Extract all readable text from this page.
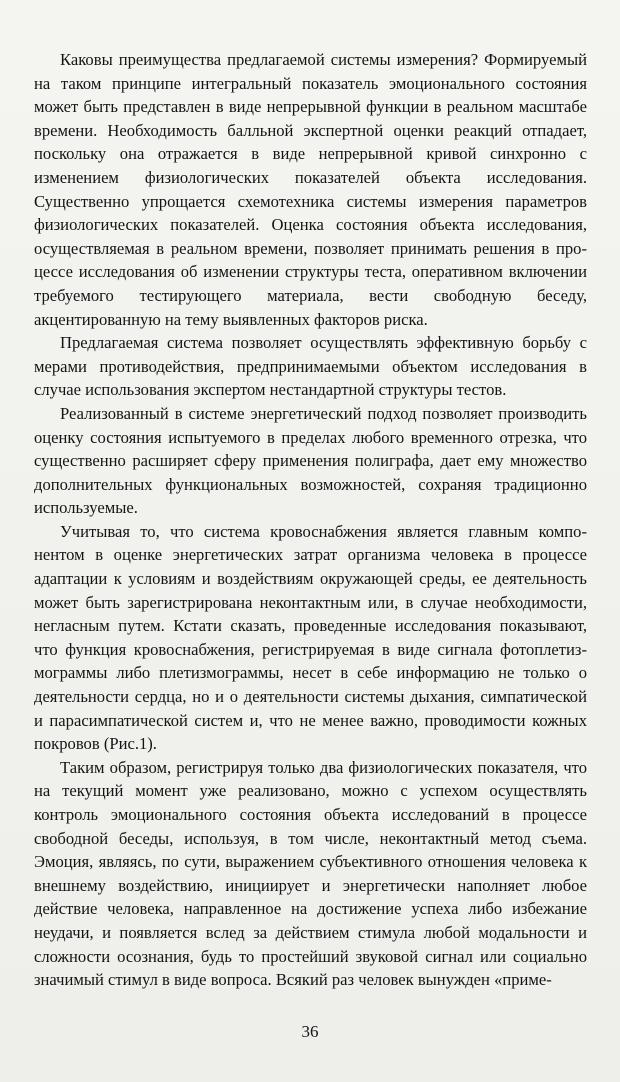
Каковы преимущества предлагаемой системы измерения? Формируемый на таком принципе интегральный показатель эмоционального состояния может быть представлен в виде непрерывной функции в реальном масштабе времени. Необходимость балльной экспертной оценки реакций отпадает, поскольку она отражается в виде непрерывной кривой синхронно с изменением физиологических показателей объекта исследования. Существенно упрощается схемотехника системы измерения параметров физиологических показателей. Оценка состояния объекта исследования, осуществляемая в реальном времени, позволяет принимать решения в процессе исследования об изменении структуры теста, оперативном включении требуемого тестирующего материала, вести свободную беседу, акцентированную на тему выявленных факторов риска.

Предлагаемая система позволяет осуществлять эффективную борьбу с мерами противодействия, предпринимаемыми объектом исследования в случае использования экспертом нестандартной структуры тестов.

Реализованный в системе энергетический подход позволяет производить оценку состояния испытуемого в пределах любого временного отрезка, что существенно расширяет сферу применения полиграфа, дает ему множество дополнительных функциональных возможностей, сохраняя традиционно используемые.

Учитывая то, что система кровоснабжения является главным компонентом в оценке энергетических затрат организма человека в процессе адаптации к условиям и воздействиям окружающей среды, ее деятельность может быть зарегистрирована неконтактным или, в случае необходимости, негласным путем. Кстати сказать, проведенные исследования показывают, что функция кровоснабжения, регистрируемая в виде сигнала фотоплетизмограммы либо плетизмограммы, несет в себе информацию не только о деятельности сердца, но и о деятельности системы дыхания, симпатической и парасимпатической систем и, что не менее важно, проводимости кожных покровов (Рис.1).

Таким образом, регистрируя только два физиологических показателя, что на текущий момент уже реализовано, можно с успехом осуществлять контроль эмоционального состояния объекта исследований в процессе свободной беседы, используя, в том числе, неконтактный метод съема. Эмоция, являясь, по сути, выражением субъективного отношения человека к внешнему воздействию, инициирует и энергетически наполняет любое действие человека, направленное на достижение успеха либо избежание неудачи, и появляется вслед за действием стимула любой модальности и сложности осознания, будь то простейший звуковой сигнал или социально значимый стимул в виде вопроса. Всякий раз человек вынужден «приме-

36
